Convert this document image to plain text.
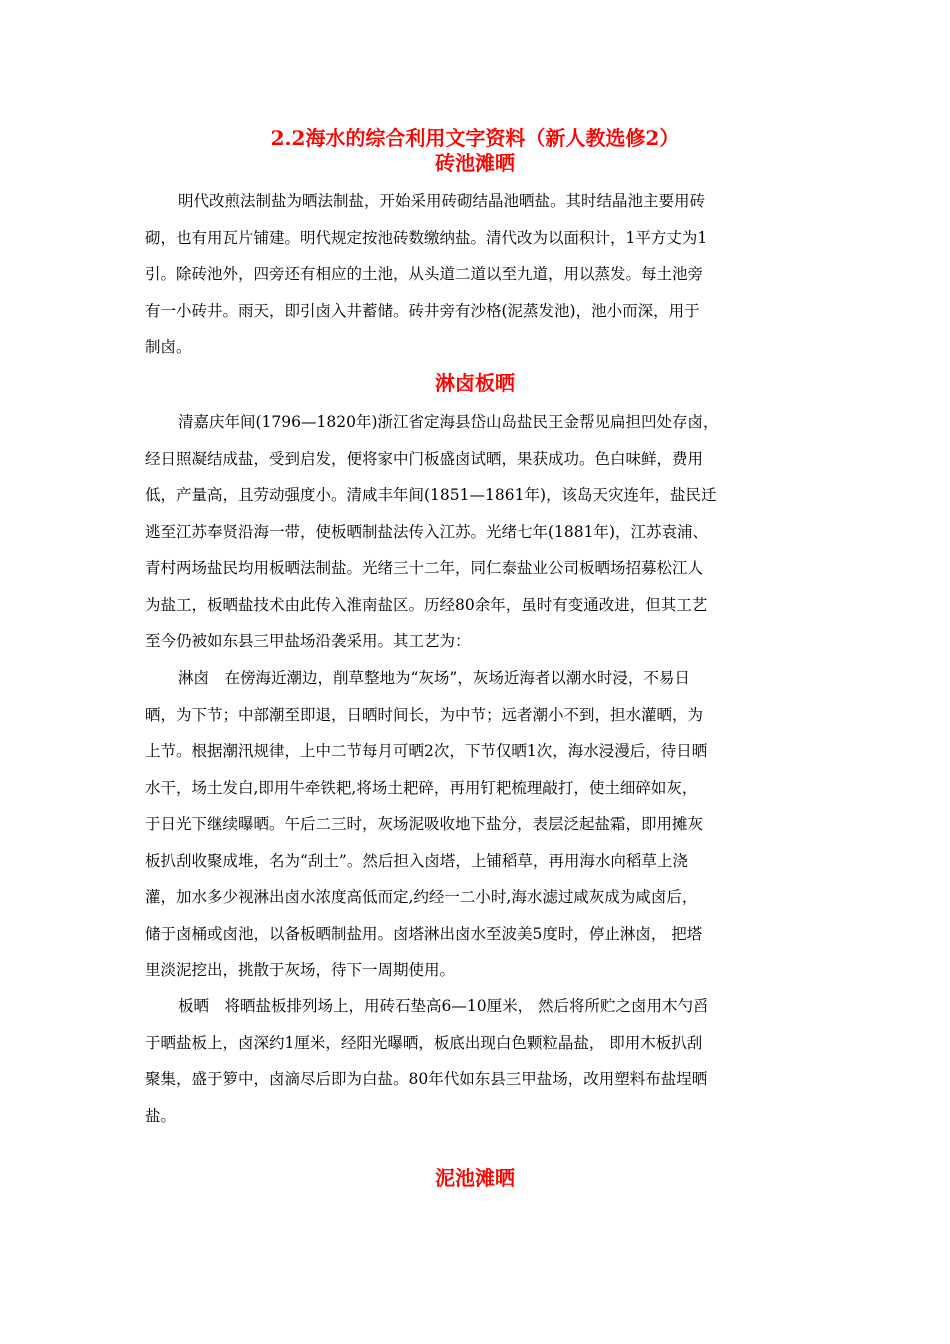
2.2海水的综合利用文字资料（新人教选修2）
砖池滩晒
明代改煎法制盐为晒法制盐，开始采用砖砌结晶池晒盐。其时结晶池主要用砖
砌，也有用瓦片铺建。明代规定按池砖数缴纳盐。清代改为以面积计，1平方丈为1
引。除砖池外，四旁还有相应的土池，从头道二道以至九道，用以蒸发。每土池旁
有一小砖井。雨天，即引卤入井蓄储。砖井旁有沙格(泥蒸发池)，池小而深，用于
制卤。
淋卤板晒
清嘉庆年间(1796—1820年)浙江省定海县岱山岛盐民王金帮见扁担凹处存卤，
经日照凝结成盐，受到启发，便将家中门板盛卤试晒，果获成功。色白味鲜，费用
低，产量高，且劳动强度小。清咸丰年间(1851—1861年)，该岛天灾连年，盐民迁
逃至江苏奉贤沿海一带，使板晒制盐法传入江苏。光绪七年(1881年)，江苏袁浦、
青村两场盐民均用板晒法制盐。光绪三十二年，同仁泰盐业公司板晒场招募松江人
为盐工，板晒盐技术由此传入淮南盐区。历经80余年，虽时有变通改进，但其工艺
至今仍被如东县三甲盐场沿袭采用。其工艺为：
淋卤　在傍海近潮边，削草整地为“灰场”，灰场近海者以潮水时浸，不易日
晒，为下节；中部潮至即退，日晒时间长，为中节；远者潮小不到，担水灌晒，为
上节。根据潮汛规律，上中二节每月可晒2次，下节仅晒1次，海水浸漫后，待日晒
水干，场土发白,即用牛牵铁耙,将场土耙碎，再用钉耙梳理敲打，使土细碎如灰，
于日光下继续曝晒。午后二三时，灰场泥吸收地下盐分，表层泛起盐霜，即用摊灰
板扒刮收聚成堆，名为“刮土”。然后担入卤塔，上铺稻草，再用海水向稻草上浇
灌，加水多少视淋出卤水浓度高低而定,约经一二小时,海水滤过咸灰成为咸卤后，
储于卤桶或卤池，以备板晒制盐用。卤塔淋出卤水至波美5度时，停止淋卤， 把塔
里淡泥挖出，挑散于灰场，待下一周期使用。
板晒　将晒盐板排列场上，用砖石垫高6—10厘米， 然后将所贮之卤用木勺舀
于晒盐板上，卤深约1厘米，经阳光曝晒，板底出现白色颗粒晶盐， 即用木板扒刮
聚集，盛于箩中，卤滴尽后即为白盐。80年代如东县三甲盐场，改用塑料布盐埕晒
盐。
泥池滩晒
